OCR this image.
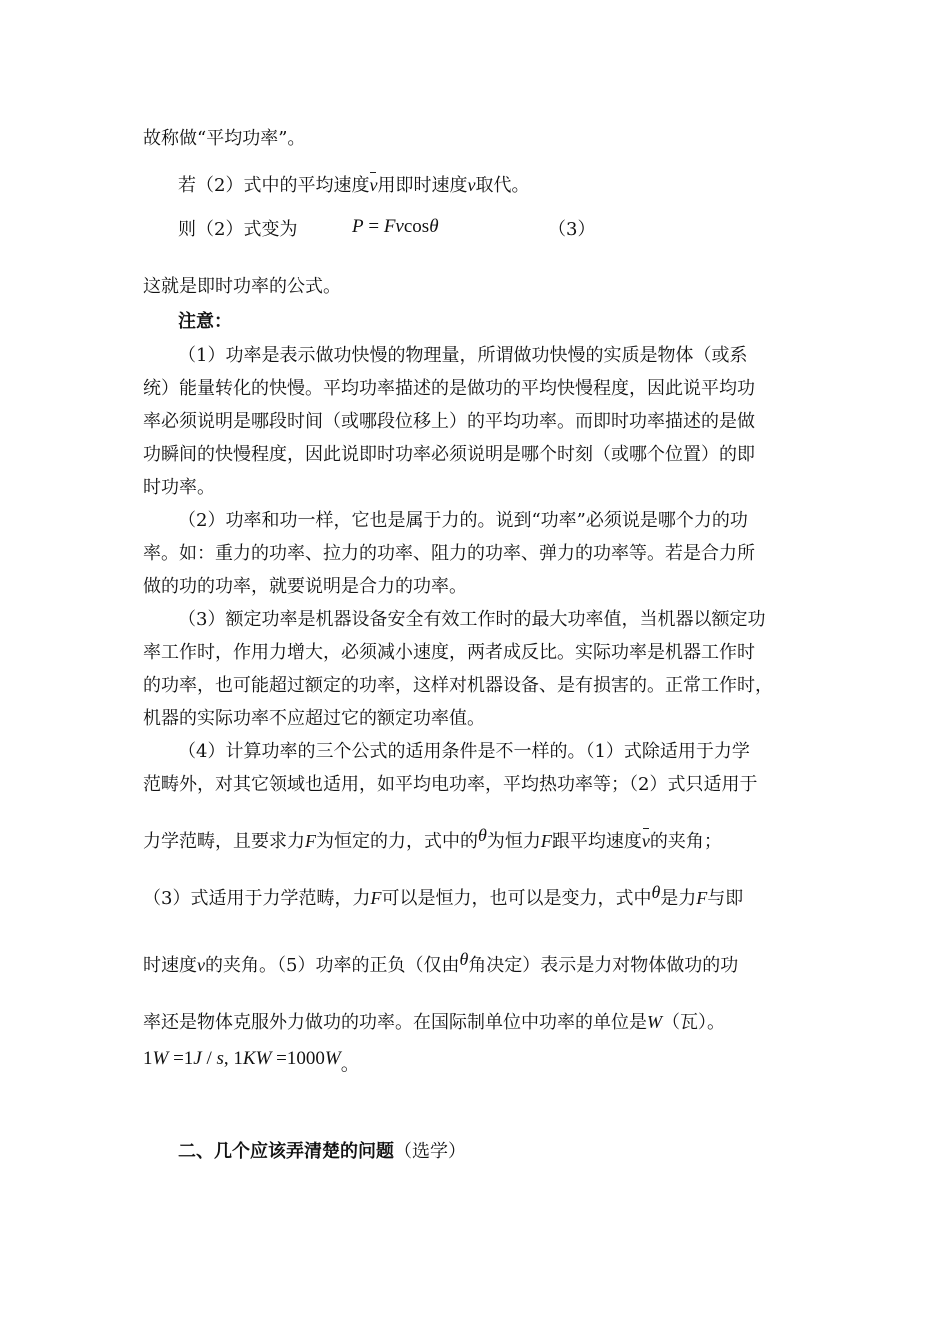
故称做“平均功率”。
若（2）式中的平均速度v用即时速度v取代。
则（2）式变为	P = Fvcosθ	（3）
这就是即时功率的公式。
注意：
（1）功率是表示做功快慢的物理量，所谓做功快慢的实质是物体（或系
统）能量转化的快慢。平均功率描述的是做功的平均快慢程度，因此说平均功
率必须说明是哪段时间（或哪段位移上）的平均功率。而即时功率描述的是做
功瞬间的快慢程度，因此说即时功率必须说明是哪个时刻（或哪个位置）的即
时功率。
（2）功率和功一样，它也是属于力的。说到“功率”必须说是哪个力的功
率。如：重力的功率、拉力的功率、阻力的功率、弹力的功率等。若是合力所
做的功的功率，就要说明是合力的功率。
（3）额定功率是机器设备安全有效工作时的最大功率值，当机器以额定功
率工作时，作用力增大，必须减小速度，两者成反比。实际功率是机器工作时
的功率，也可能超过额定的功率，这样对机器设备、是有损害的。正常工作时，
机器的实际功率不应超过它的额定功率值。
（4）计算功率的三个公式的适用条件是不一样的。（1）式除适用于力学
范畴外，对其它领域也适用，如平均电功率，平均热功率等；（2）式只适用于
力学范畴，且要求力F为恒定的力，式中的θ为恒力F跟平均速度v的夹角；
（3）式适用于力学范畴，力F可以是恒力，也可以是变力，式中θ是力F与即
时速度v的夹角。（5）功率的正负（仅由θ角决定）表示是力对物体做功的功
率还是物体克服外力做功的功率。在国际制单位中功率的单位是W（瓦）。
1W =1J / s, 1KW =1000W。
二、几个应该弄清楚的问题（选学）
